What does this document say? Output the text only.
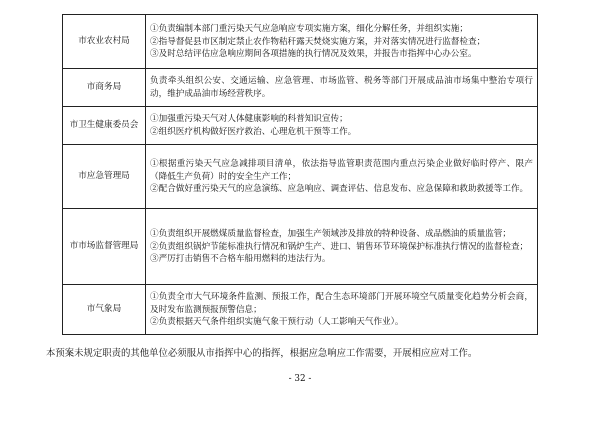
市农业农村局	①负责编制本部门重污染天气应急响应专项实施方案，细化分解任务，并组织实施；
②指导督促县市区制定禁止农作物秸秆露天焚烧实施方案，并对落实情况进行监督检查；
③及时总结评估应急响应期间各项措施的执行情况及效果，并报告市指挥中心办公室。

市商务局	负责牵头组织公安、交通运输、应急管理、市场监管、税务等部门开展成品油市场集中整治专项行动，维护成品油市场经营秩序。

市卫生健康委员会	①加强重污染天气对人体健康影响的科普知识宣传；
②组织医疗机构做好医疗救治、心理危机干预等工作。

市应急管理局	①根据重污染天气应急减排项目清单，依法指导监管职责范围内重点污染企业做好临时停产、限产（降低生产负荷）时的安全生产工作；
②配合做好重污染天气的应急演练、应急响应、调查评估、信息发布、应急保障和救助救援等工作。

市市场监督管理局	①负责组织开展燃煤质量监督检查，加强生产领域涉及排放的特种设备、成品燃油的质量监管；
②负责组织锅炉节能标准执行情况和锅炉生产、进口、销售环节环境保护标准执行情况的监督检查；
③严厉打击销售不合格车船用燃料的违法行为。

市气象局	①负责全市大气环境条件监测、预报工作，配合生态环境部门开展环境空气质量变化趋势分析会商，及时发布监测预报预警信息；
②负责根据天气条件组织实施气象干预行动（人工影响天气作业）。
本预案未规定职责的其他单位必须服从市指挥中心的指挥，根据应急响应工作需要，开展相应应对工作。
- 32 -
